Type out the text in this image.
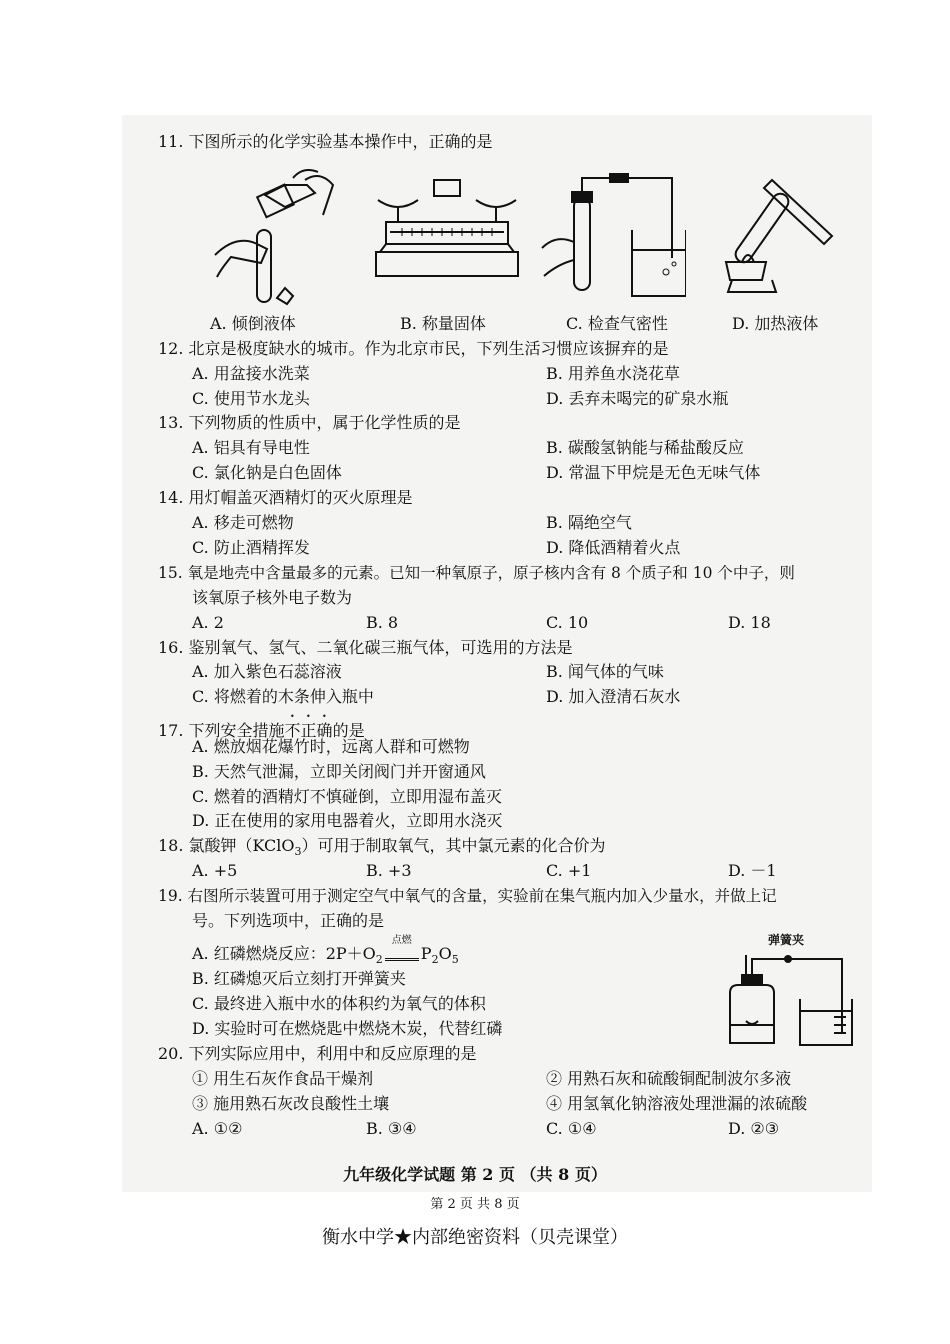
11. 下图所示的化学实验基本操作中，正确的是
A. 倾倒液体	B. 称量固体	C. 检查气密性	D. 加热液体
12. 北京是极度缺水的城市。作为北京市民，下列生活习惯应该摒弃的是
A. 用盆接水洗菜	B. 用养鱼水浇花草
C. 使用节水龙头	D. 丢弃未喝完的矿泉水瓶
13. 下列物质的性质中，属于化学性质的是
A. 铝具有导电性	B. 碳酸氢钠能与稀盐酸反应
C. 氯化钠是白色固体	D. 常温下甲烷是无色无味气体
14. 用灯帽盖灭酒精灯的灭火原理是
A. 移走可燃物	B. 隔绝空气
C. 防止酒精挥发	D. 降低酒精着火点
15. 氧是地壳中含量最多的元素。已知一种氧原子，原子核内含有 8 个质子和 10 个中子，则
该氧原子核外电子数为
A. 2	B. 8	C. 10	D. 18
16. 鉴别氧气、氢气、二氧化碳三瓶气体，可选用的方法是
A. 加入紫色石蕊溶液	B. 闻气体的气味
C. 将燃着的木条伸入瓶中	D. 加入澄清石灰水
17. 下列安全措施不正确的是
A. 燃放烟花爆竹时，远离人群和可燃物
B. 天然气泄漏，立即关闭阀门并开窗通风
C. 燃着的酒精灯不慎碰倒，立即用湿布盖灭
D. 正在使用的家用电器着火，立即用水浇灭
18. 氯酸钾（KClO$_3$）可用于制取氧气，其中氯元素的化合价为
A. +5	B. +3	C. +1	D. －1
19. 右图所示装置可用于测定空气中氧气的含量，实验前在集气瓶内加入少量水，并做上记
号。下列选项中，正确的是
A. 红磷燃烧反应：$2P+O_2$
点燃
$P_2O_5$
B. 红磷熄灭后立刻打开弹簧夹
C. 最终进入瓶中水的体积约为氧气的体积
D. 实验时可在燃烧匙中燃烧木炭，代替红磷
弹簧夹
20. 下列实际应用中，利用中和反应原理的是
① 用生石灰作食品干燥剂	② 用熟石灰和硫酸铜配制波尔多液
③ 施用熟石灰改良酸性土壤	④ 用氢氧化钠溶液处理泄漏的浓硫酸
A. ①②	B. ③④	C. ①④	D. ②③
九年级化学试题 第 2 页 （共 8 页）
第 2 页 共 8 页
衡水中学★内部绝密资料（贝壳课堂）
